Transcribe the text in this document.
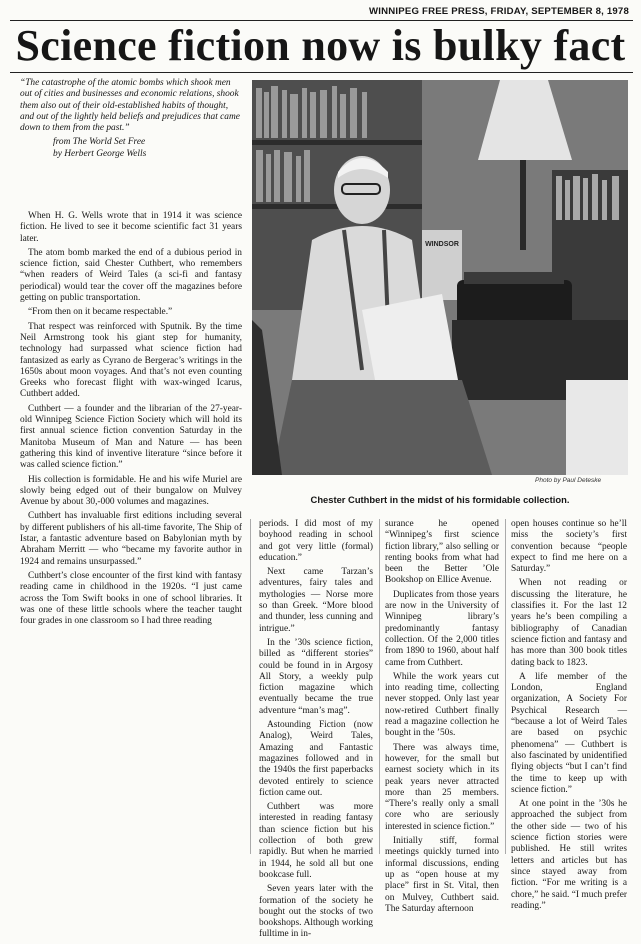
WINNIPEG FREE PRESS, FRIDAY, SEPTEMBER 8, 1978
Science fiction now is bulky fact

“The catastrophe of the atomic bombs which shook men out of cities and businesses and economic relations, shook them also out of their old-established habits of thought, and out of the lightly held beliefs and prejudices that came down to them from the past.”

from The World Set Free

by Herbert George Wells

When H. G. Wells wrote that in 1914 it was science fiction. He lived to see it become scientific fact 31 years later.

The atom bomb marked the end of a dubious period in science fiction, said Chester Cuthbert, who remembers “when readers of Weird Tales (a sci-fi and fantasy periodical) would tear the cover off the magazines before getting on public transportation.

“From then on it became respectable.”

That respect was reinforced with Sputnik. By the time Neil Armstrong took his giant step for humanity, technology had surpassed what science fiction had fantasized as early as Cyrano de Bergerac’s writings in the 1650s about moon voyages. And that’s not even counting Greeks who forecast flight with wax-winged Icarus, Cuthbert added.

Cuthbert — a founder and the librarian of the 27-year-old Winnipeg Science Fiction Society which will hold its first annual science fiction convention Saturday in the Manitoba Museum of Man and Nature — has been gathering this kind of inventive literature “since before it was called science fiction.”

His collection is formidable. He and his wife Muriel are slowly being edged out of their bungalow on Mulvey Avenue by about 30,-000 volumes and magazines.

Cuthbert has invaluable first editions including several by different publishers of his all-time favorite, The Ship of Istar, a fantastic adventure based on Babylonian myth by Abraham Merritt — who “became my favorite author in 1924 and remains unsurpassed.”

Cuthbert’s close encounter of the first kind with fantasy reading came in childhood in the 1920s. “I just came across the Tom Swift books in one of school libraries. It was one of these little schools where the teacher taught four grades in one classroom so I had three reading

WINDSOR
Photo by Paul Deteske
Chester Cuthbert in the midst of his formidable collection.

periods. I did most of my boyhood reading in school and got very little (formal) education.”

Next came Tarzan’s adventures, fairy tales and mythologies — Norse more so than Greek. “More blood and thunder, less cunning and intrigue.”

In the ’30s science fiction, billed as “different stories” could be found in in Argosy All Story, a weekly pulp fiction magazine which eventually became the true adventure “man’s mag”.

Astounding Fiction (now Analog), Weird Tales, Amazing and Fantastic magazines followed and in the 1940s the first paperbacks devoted entirely to science fiction came out.

Cuthbert was more interested in reading fantasy than science fiction but his collection of both grew rapidly. But when he married in 1944, he sold all but one bookcase full.

Seven years later with the formation of the society he bought out the stocks of two bookshops. Although working fulltime in in-

surance he opened “Winnipeg’s first science fiction library,” also selling or renting books from what had been the Better ’Ole Bookshop on Ellice Avenue.

Duplicates from those years are now in the University of Winnipeg library’s predominantly fantasy collection. Of the 2,000 titles from 1890 to 1960, about half came from Cuthbert.

While the work years cut into reading time, collecting never stopped. Only last year now-retired Cuthbert finally read a magazine collection he bought in the ’50s.

There was always time, however, for the small but earnest society which in its peak years never attracted more than 25 members. “There’s really only a small core who are seriously interested in science fiction.”

Initially stiff, formal meetings quickly turned into informal discussions, ending up as “open house at my place” first in St. Vital, then on Mulvey, Cuthbert said. The Saturday afternoon

open houses continue so he’ll miss the society’s first convention because “people expect to find me here on a Saturday.”

When not reading or discussing the literature, he classifies it. For the last 12 years he’s been compiling a bibliography of Canadian science fiction and fantasy and has more than 300 book titles dating back to 1823.

A life member of the London, England organization, A Society For Psychical Research — “because a lot of Weird Tales are based on psychic phenomena” — Cuthbert is also fascinated by unidentified flying objects “but I can’t find the time to keep up with science fiction.”

At one point in the ’30s he approached the subject from the other side — two of his science fiction stories were published. He still writes letters and articles but has since stayed away from fiction. “For me writing is a chore,” he said. “I much prefer reading.”
